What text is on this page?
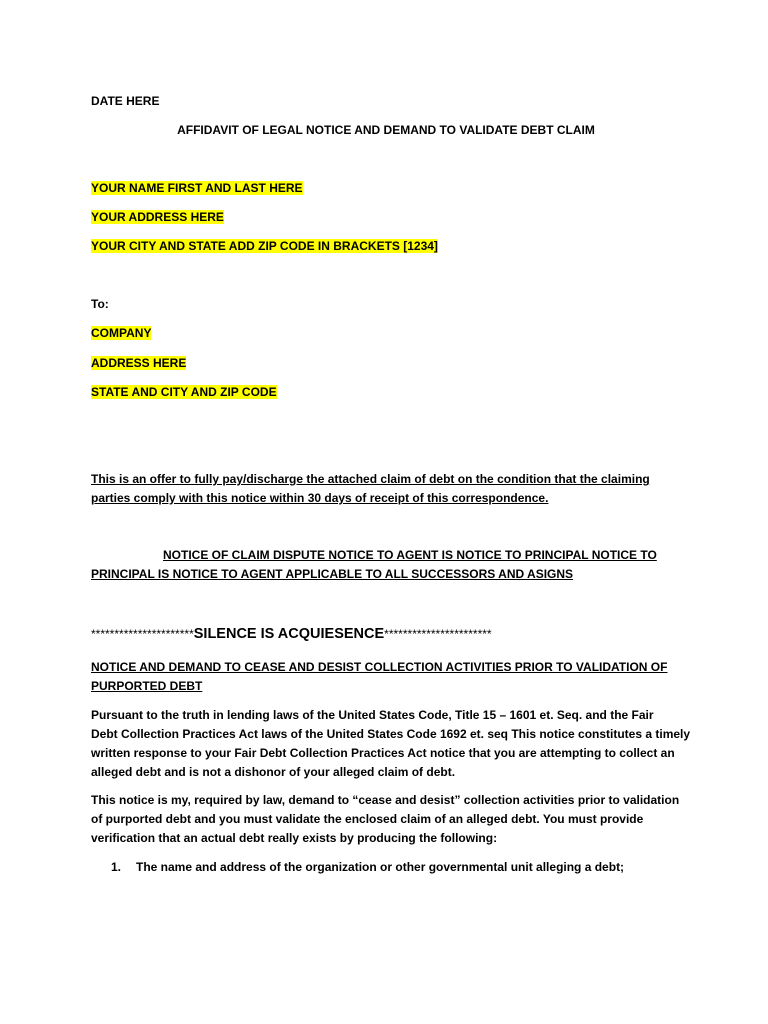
DATE HERE
AFFIDAVIT OF LEGAL NOTICE AND DEMAND TO VALIDATE DEBT CLAIM
YOUR NAME FIRST AND LAST HERE
YOUR ADDRESS HERE
YOUR CITY AND STATE ADD ZIP CODE IN BRACKETS [1234]
To:
COMPANY
ADDRESS HERE
STATE AND CITY AND ZIP CODE
This is an offer to fully pay/discharge the attached claim of debt on the condition that the claiming
parties comply with this notice within 30 days of receipt of this correspondence.
NOTICE OF CLAIM DISPUTE NOTICE TO AGENT IS NOTICE TO PRINCIPAL NOTICE TO
PRINCIPAL IS NOTICE TO AGENT APPLICABLE TO ALL SUCCESSORS AND ASIGNS
**********************SILENCE IS ACQUIESENCE***********************
NOTICE AND DEMAND TO CEASE AND DESIST COLLECTION ACTIVITIES PRIOR TO VALIDATION OF
PURPORTED DEBT
Pursuant to the truth in lending laws of the United States Code, Title 15 – 1601 et. Seq. and the Fair
Debt Collection Practices Act laws of the United States Code 1692 et. seq This notice constitutes a timely
written response to your Fair Debt Collection Practices Act notice that you are attempting to collect an
alleged debt and is not a dishonor of your alleged claim of debt.
This notice is my, required by law, demand to “cease and desist” collection activities prior to validation
of purported debt and you must validate the enclosed claim of an alleged debt. You must provide
verification that an actual debt really exists by producing the following:
1. The name and address of the organization or other governmental unit alleging a debt;
